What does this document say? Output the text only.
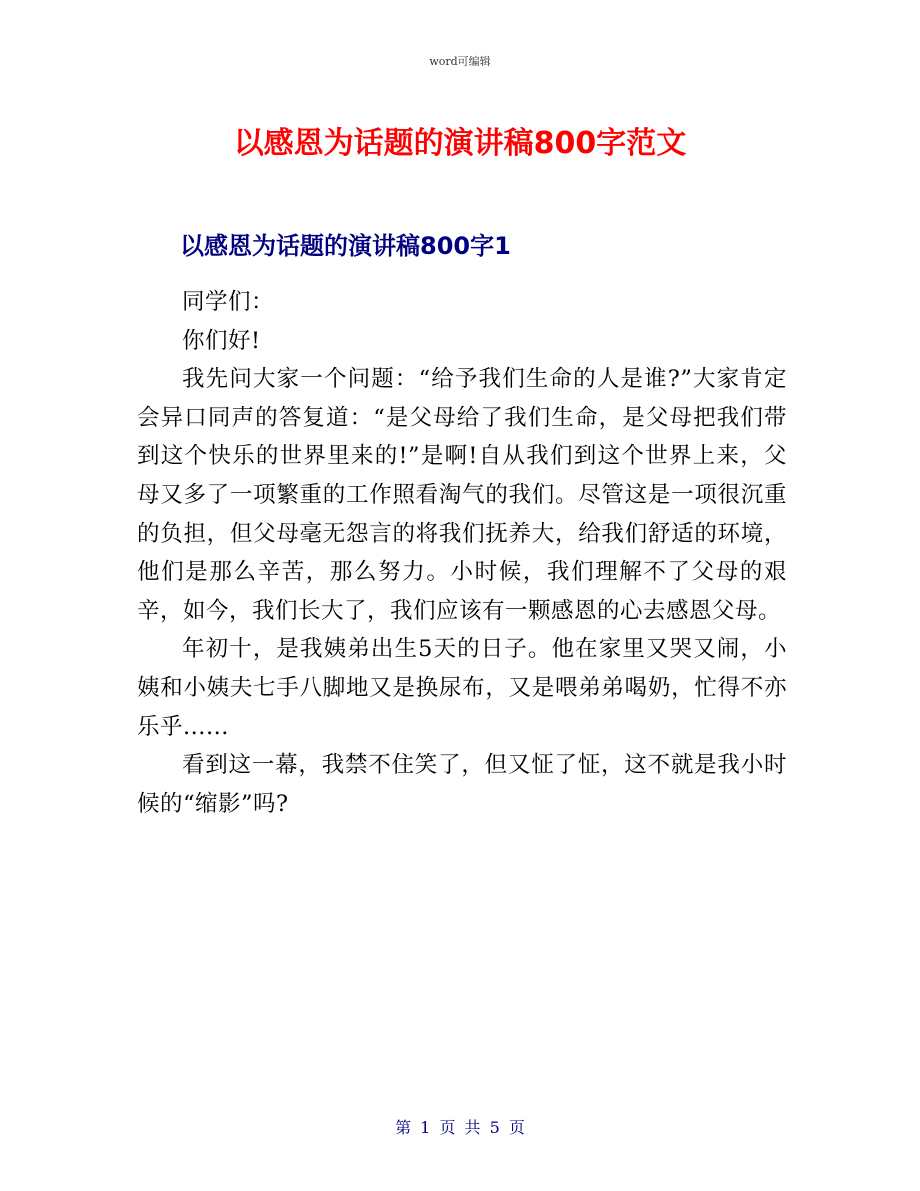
word可编辑
以感恩为话题的演讲稿800字范文
以感恩为话题的演讲稿800字1

同学们：

你们好!

我先问大家一个问题：“给予我们生命的人是谁?”大家肯定会异口同声的答复道：“是父母给了我们生命，是父母把我们带到这个快乐的世界里来的!”是啊!自从我们到这个世界上来，父母又多了一项繁重的工作照看淘气的我们。尽管这是一项很沉重的负担，但父母毫无怨言的将我们抚养大，给我们舒适的环境，他们是那么辛苦，那么努力。小时候，我们理解不了父母的艰辛，如今，我们长大了，我们应该有一颗感恩的心去感恩父母。

年初十，是我姨弟出生5天的日子。他在家里又哭又闹，小姨和小姨夫七手八脚地又是换尿布，又是喂弟弟喝奶，忙得不亦乐乎......

看到这一幕，我禁不住笑了，但又怔了怔，这不就是我小时候的“缩影”吗?

第 1 页 共 5 页
